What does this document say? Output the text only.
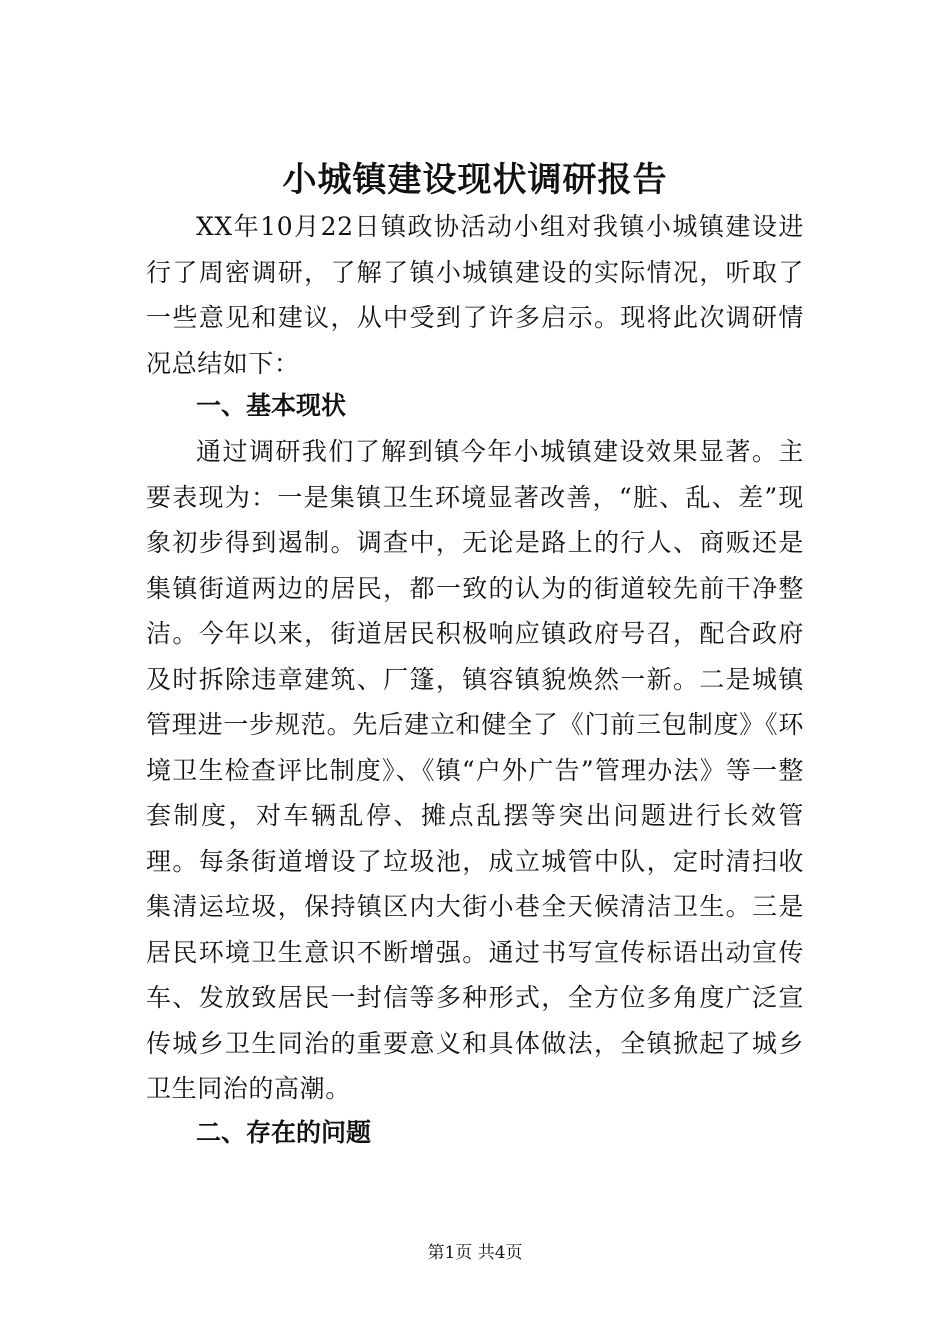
小城镇建设现状调研报告

XX年10月22日镇政协活动小组对我镇小城镇建设进行了周密调研，了解了镇小城镇建设的实际情况，听取了一些意见和建议，从中受到了许多启示。现将此次调研情况总结如下：

一、基本现状

通过调研我们了解到镇今年小城镇建设效果显著。主要表现为：一是集镇卫生环境显著改善，“脏、乱、差”现象初步得到遏制。调查中，无论是路上的行人、商贩还是集镇街道两边的居民，都一致的认为的街道较先前干净整洁。今年以来，街道居民积极响应镇政府号召，配合政府及时拆除违章建筑、厂篷，镇容镇貌焕然一新。二是城镇管理进一步规范。先后建立和健全了《门前三包制度》《环境卫生检查评比制度》、《镇“户外广告”管理办法》等一整套制度，对车辆乱停、摊点乱摆等突出问题进行长效管理。每条街道增设了垃圾池，成立城管中队，定时清扫收集清运垃圾，保持镇区内大街小巷全天候清洁卫生。三是居民环境卫生意识不断增强。通过书写宣传标语出动宣传车、发放致居民一封信等多种形式，全方位多角度广泛宣传城乡卫生同治的重要意义和具体做法，全镇掀起了城乡卫生同治的高潮。

二、存在的问题
第1页 共4页
